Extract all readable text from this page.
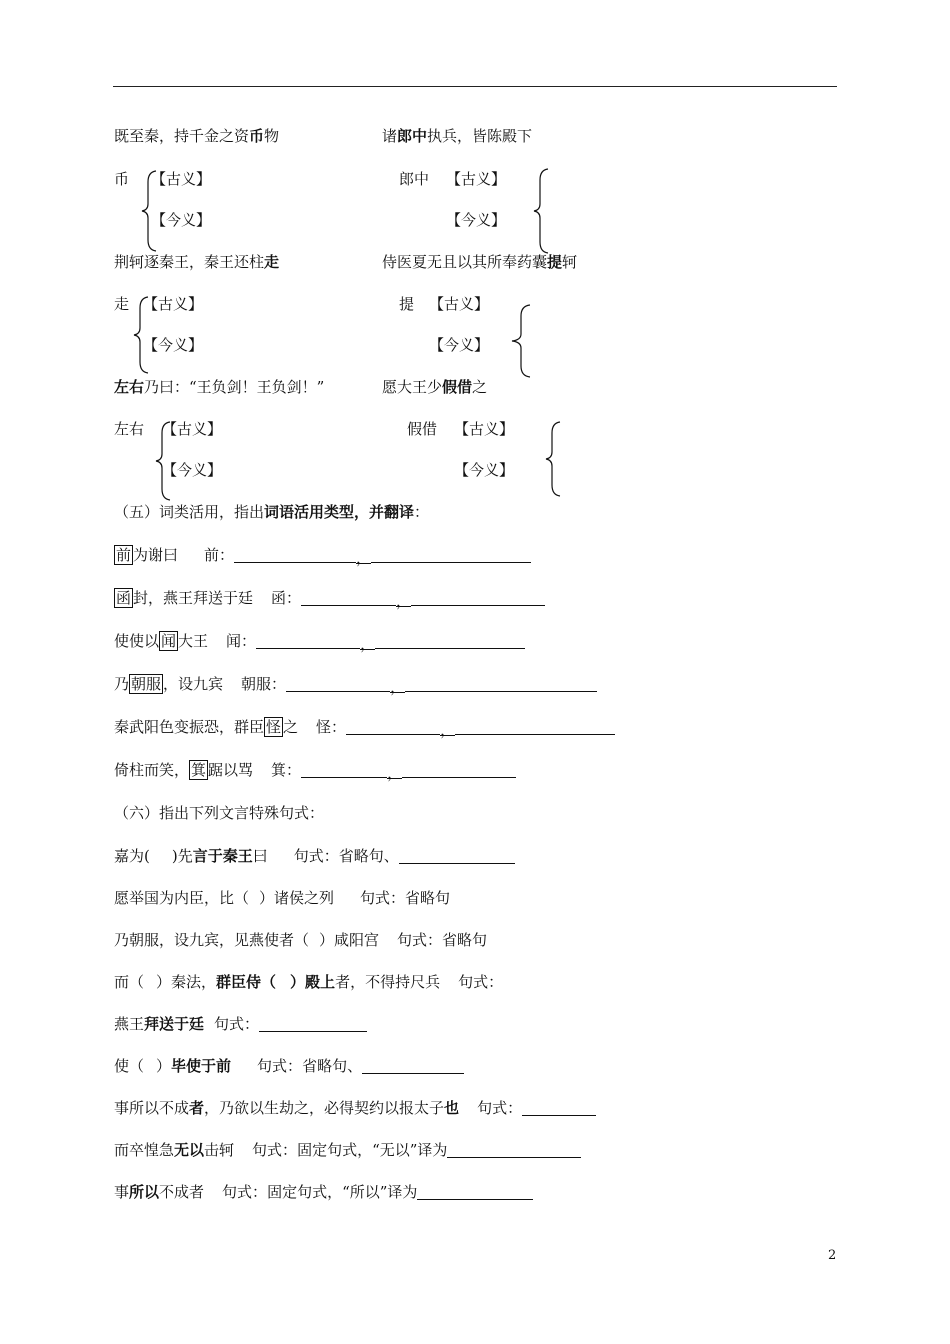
既至秦，持千金之资币物	诸郎中执兵，皆陈殿下
币 【古义】
【今义】
郎中 【古义】
【今义】
荆轲逐秦王，秦王还柱走	侍医夏无且以其所奉药囊提轲
走 【古义】
【今义】
提 【古义】
【今义】
左右乃曰：“王负剑！王负剑！”	愿大王少假借之
左右 【古义】
【今义】
假借 【古义】
【今义】
（五）词类活用，指出词语活用类型，并翻译：
前 为谢曰 前：	，
函 封，燕王拜送于廷 函：	，
使使以 闻 大王 闻：	，
乃 朝服 ，设九宾 朝服：	，
秦武阳色变振恐，群臣 怪 之 怪：	，
倚柱而笑， 箕 踞以骂 箕：	，
（六）指出下列文言特殊句式：
嘉为( )先言于秦王曰 句式：省略句、
愿举国为内臣，比（ ）诸侯之列 句式：省略句
乃朝服，设九宾，见燕使者（ ）咸阳宫 句式：省略句
而（ ）秦法，群臣侍（ ）殿上者，不得持尺兵 句式：
燕王拜送于廷 句式：
使（ ）毕使于前 句式：省略句、
事所以不成者，乃欲以生劫之，必得契约以报太子也 句式：
而卒惶急无以击轲 句式：固定句式，“无以”译为
事所以不成者 句式：固定句式，“所以”译为
2
